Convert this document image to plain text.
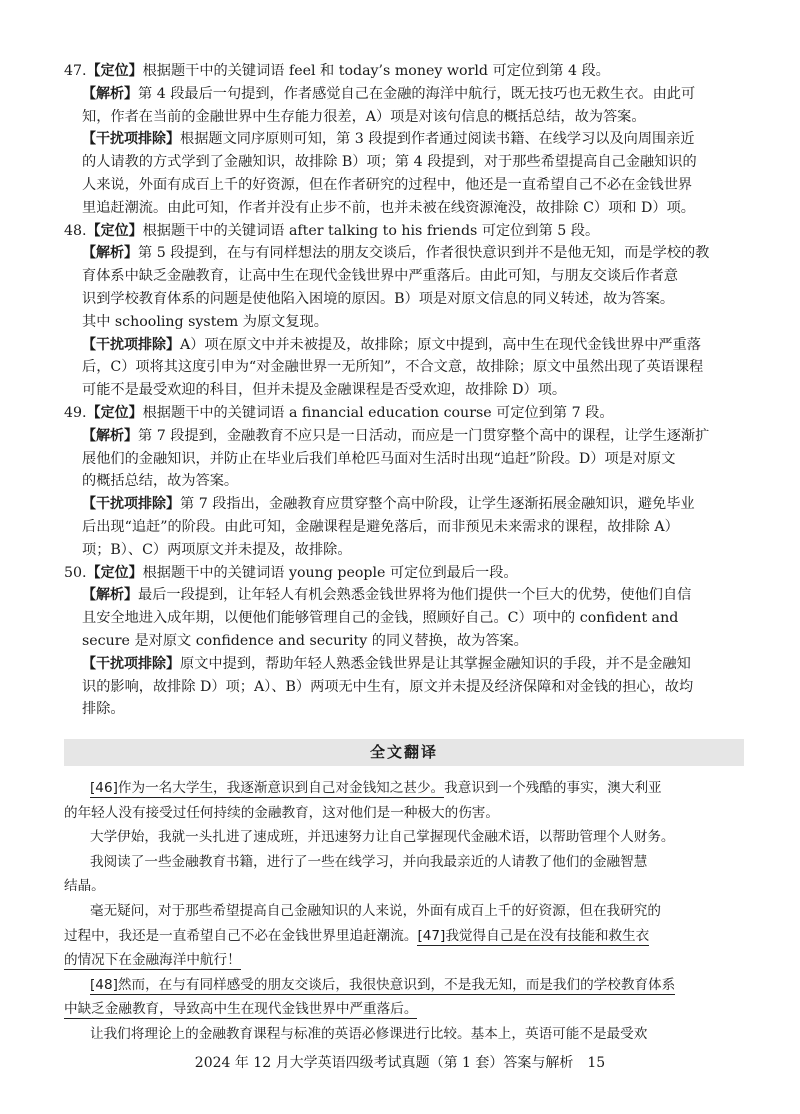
47.【定位】根据题干中的关键词语 feel 和 today’s money world 可定位到第 4 段。
【解析】第 4 段最后一句提到，作者感觉自己在金融的海洋中航行，既无技巧也无救生衣。由此可
知，作者在当前的金融世界中生存能力很差，A）项是对该句信息的概括总结，故为答案。
【干扰项排除】根据题文同序原则可知，第 3 段提到作者通过阅读书籍、在线学习以及向周围亲近
的人请教的方式学到了金融知识，故排除 B）项；第 4 段提到，对于那些希望提高自己金融知识的
人来说，外面有成百上千的好资源，但在作者研究的过程中，他还是一直希望自己不必在金钱世界
里追赶潮流。由此可知，作者并没有止步不前，也并未被在线资源淹没，故排除 C）项和 D）项。
48.【定位】根据题干中的关键词语 after talking to his friends 可定位到第 5 段。
【解析】第 5 段提到，在与有同样想法的朋友交谈后，作者很快意识到并不是他无知，而是学校的教
育体系中缺乏金融教育，让高中生在现代金钱世界中严重落后。由此可知，与朋友交谈后作者意
识到学校教育体系的问题是使他陷入困境的原因。B）项是对原文信息的同义转述，故为答案。
其中 schooling system 为原文复现。
【干扰项排除】A）项在原文中并未被提及，故排除；原文中提到，高中生在现代金钱世界中严重落
后，C）项将其这度引申为“对金融世界一无所知”，不合文意，故排除；原文中虽然出现了英语课程
可能不是最受欢迎的科目，但并未提及金融课程是否受欢迎，故排除 D）项。
49.【定位】根据题干中的关键词语 a financial education course 可定位到第 7 段。
【解析】第 7 段提到，金融教育不应只是一日活动，而应是一门贯穿整个高中的课程，让学生逐渐扩
展他们的金融知识，并防止在毕业后我们单枪匹马面对生活时出现“追赶”阶段。D）项是对原文
的概括总结，故为答案。
【干扰项排除】第 7 段指出，金融教育应贯穿整个高中阶段，让学生逐渐拓展金融知识，避免毕业
后出现“追赶”的阶段。由此可知，金融课程是避免落后，而非预见未来需求的课程，故排除 A）
项；B）、C）两项原文并未提及，故排除。
50.【定位】根据题干中的关键词语 young people 可定位到最后一段。
【解析】最后一段提到，让年轻人有机会熟悉金钱世界将为他们提供一个巨大的优势，使他们自信
且安全地进入成年期，以便他们能够管理自己的金钱，照顾好自己。C）项中的 confident and
secure 是对原文 confidence and security 的同义替换，故为答案。
【干扰项排除】原文中提到，帮助年轻人熟悉金钱世界是让其掌握金融知识的手段，并不是金融知
识的影响，故排除 D）项；A）、B）两项无中生有，原文并未提及经济保障和对金钱的担心，故均
排除。
全文翻译
[46]作为一名大学生，我逐渐意识到自己对金钱知之甚少。我意识到一个残酷的事实，澳大利亚
的年轻人没有接受过任何持续的金融教育，这对他们是一种极大的伤害。
大学伊始，我就一头扎进了速成班，并迅速努力让自己掌握现代金融术语，以帮助管理个人财务。
我阅读了一些金融教育书籍，进行了一些在线学习，并向我最亲近的人请教了他们的金融智慧
结晶。
毫无疑问，对于那些希望提高自己金融知识的人来说，外面有成百上千的好资源，但在我研究的
过程中，我还是一直希望自己不必在金钱世界里追赶潮流。[47]我觉得自己是在没有技能和救生衣
的情况下在金融海洋中航行！
[48]然而，在与有同样感受的朋友交谈后，我很快意识到，不是我无知，而是我们的学校教育体系
中缺乏金融教育，导致高中生在现代金钱世界中严重落后。
让我们将理论上的金融教育课程与标准的英语必修课进行比较。基本上，英语可能不是最受欢
2024 年 12 月大学英语四级考试真题（第 1 套）答案与解析　15
